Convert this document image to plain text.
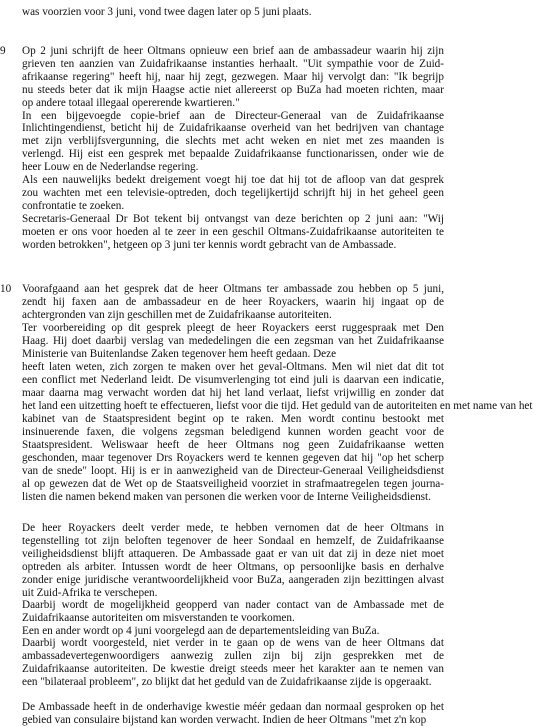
was voorzien voor 3 juni, vond twee dagen later op 5 juni plaats.
9 Op 2 juni schrijft de heer Oltmans opnieuw een brief aan de ambassadeur waarin hij zijn
grieven ten aanzien van Zuidafrikaanse instanties herhaalt. "Uit sympathie voor de Zuid-
afrikaanse regering" heeft hij, naar hij zegt, gezwegen. Maar hij vervolgt dan: "Ik begrijp
nu steeds beter dat ik mijn Haagse actie niet allereerst op BuZa had moeten richten, maar
op andere totaal illegaal opererende kwartieren."
In een bijgevoegde copie-brief aan de Directeur-Generaal van de Zuidafrikaanse
Inlichtingendienst, beticht hij de Zuidafrikaanse overheid van het bedrijven van chantage
met zijn verblijfsvergunning, die slechts met acht weken en niet met zes maanden is
verlengd. Hij eist een gesprek met bepaalde Zuidafrikaanse functionarissen, onder wie de
heer Louw en de Nederlandse regering.
Als een nauwelijks bedekt dreigement voegt hij toe dat hij tot de afloop van dat gesprek
zou wachten met een televisie-optreden, doch tegelijkertijd schrijft hij in het geheel geen
confrontatie te zoeken.
Secretaris-Generaal Dr Bot tekent bij ontvangst van deze berichten op 2 juni aan: "Wij
moeten er ons voor hoeden al te zeer in een geschil Oltmans-Zuidafrikaanse autoriteiten te
worden betrokken", hetgeen op 3 juni ter kennis wordt gebracht van de Ambassade.
10 Voorafgaand aan het gesprek dat de heer Oltmans ter ambassade zou hebben op 5 juni,
zendt hij faxen aan de ambassadeur en de heer Royackers, waarin hij ingaat op de
achtergronden van zijn geschillen met de Zuidafrikaanse autoriteiten.
Ter voorbereiding op dit gesprek pleegt de heer Royackers eerst ruggespraak met Den
Haag. Hij doet daarbij verslag van mededelingen die een zegsman van het Zuidafrikaanse
Ministerie van Buitenlandse Zaken tegenover hem heeft gedaan. Deze
heeft laten weten, zich zorgen te maken over het geval-Oltmans. Men wil niet dat dit tot
een conflict met Nederland leidt. De visumverlenging tot eind juli is daarvan een indicatie,
maar daarna mag verwacht worden dat hij het land verlaat, liefst vrijwillig en zonder dat
het land een uitzetting hoeft te effectueren, liefst voor die tijd. Het geduld van de autoriteiten en met name van het
kabinet van de Staatspresident begint op te raken. Men wordt continu bestookt met
insinuerende faxen, die volgens zegsman beledigend kunnen worden geacht voor de
Staatspresident. Weliswaar heeft de heer Oltmans nog geen Zuidafrikaanse wetten
geschonden, maar tegenover Drs Royackers werd te kennen gegeven dat hij "op het scherp
van de snede" loopt. Hij is er in aanwezigheid van de Directeur-Generaal Veiligheidsdienst
al op gewezen dat de Wet op de Staatsveiligheid voorziet in strafmaatregelen tegen journa-
listen die namen bekend maken van personen die werken voor de Interne Veiligheidsdienst.
De heer Royackers deelt verder mede, te hebben vernomen dat de heer Oltmans in
tegenstelling tot zijn beloften tegenover de heer Sondaal en hemzelf, de Zuidafrikaanse
veiligheidsdienst blijft attaqueren. De Ambassade gaat er van uit dat zij in deze niet moet
optreden als arbiter. Intussen wordt de heer Oltmans, op persoonlijke basis en derhalve
zonder enige juridische verantwoordelijkheid voor BuZa, aangeraden zijn bezittingen alvast
uit Zuid-Afrika te verschepen.
Daarbij wordt de mogelijkheid geopperd van nader contact van de Ambassade met de
Zuidafrikaanse autoriteiten om misverstanden te voorkomen.
Een en ander wordt op 4 juni voorgelegd aan de departementsleiding van BuZa.
Daarbij wordt voorgesteld, niet verder in te gaan op de wens van de heer Oltmans dat
ambassadevertegenwoordigers aanwezig zullen zijn bij zijn gesprekken met de
Zuidafrikaanse autoriteiten. De kwestie dreigt steeds meer het karakter aan te nemen van
een "bilateraal probleem", zo blijkt dat het geduld van de Zuidafrikaanse zijde is opgeraakt.
De Ambassade heeft in de onderhavige kwestie méér gedaan dan normaal gesproken op het
gebied van consulaire bijstand kan worden verwacht. Indien de heer Oltmans "met z'n kop
